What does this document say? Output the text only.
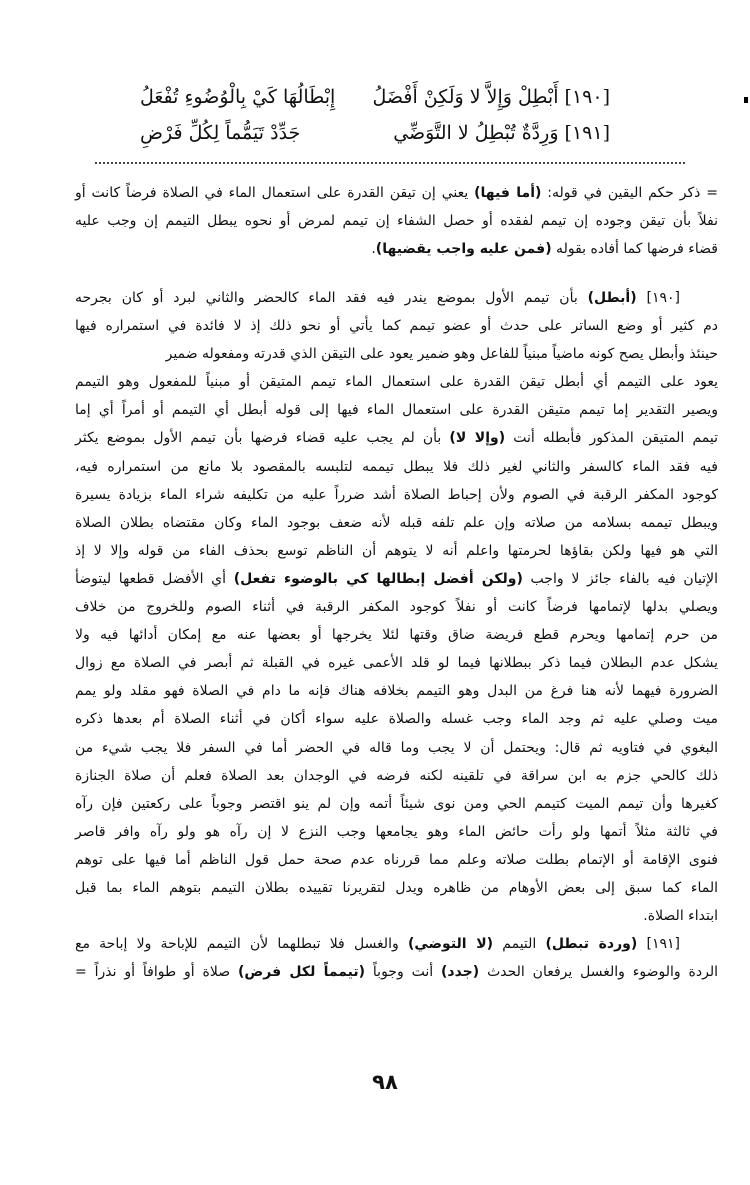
[١٩٠] أَبْطِلْ وَإِلاَّ لا وَلَكِنْ أَفْضَلُ
إِبْطَالُهَا كَيْ بِالْوُضُوءِ تُفْعَلُ
[١٩١] وَرِدَّةٌ تُبْطِلُ لا التَّوَضِّي
جَدِّدْ تَيَمُّماً لِكُلِّ فَرْضِ
= ذكر حكم اليقين في قوله: (أما فيها) يعني إن تيقن القدرة على استعمال الماء في الصلاة فرضاً كانت أو
نفلاً بأن تيقن وجوده إن تيمم لفقده أو حصل الشفاء إن تيمم لمرض أو نحوه يبطل التيمم إن وجب عليه
قضاء فرضها كما أفاده بقوله (فمن عليه واجب يقضيها).
[١٩٠] (أبطل) بأن تيمم الأول بموضع يندر فيه فقد الماء كالحضر والثاني لبرد أو كان بجرحه
دم كثير أو وضع الساتر على حدث أو عضو تيمم كما يأتي أو نحو ذلك إذ لا فائدة في استمراره فيها
حينئذ وأبطل يصح كونه ماضياً مبنياً للفاعل وهو ضمير يعود على التيقن الذي قدرته ومفعوله ضمير
يعود على التيمم أي أبطل تيقن القدرة على استعمال الماء تيمم المتيقن أو مبنياً للمفعول وهو التيمم
ويصير التقدير إما تيمم متيقن القدرة على استعمال الماء فيها إلى قوله أبطل أي التيمم أو أمراً أي إما
تيمم المتيقن المذكور فأبطله أنت (وإلا لا) بأن لم يجب عليه قضاء فرضها بأن تيمم الأول بموضع يكثر
فيه فقد الماء كالسفر والثاني لغير ذلك فلا يبطل تيممه لتلبسه بالمقصود بلا مانع من استمراره فيه،
كوجود المكفر الرقبة في الصوم ولأن إحباط الصلاة أشد ضرراً عليه من تكليفه شراء الماء بزيادة يسيرة
ويبطل تيممه بسلامه من صلاته وإن علم تلفه قبله لأنه ضعف بوجود الماء وكان مقتضاه بطلان الصلاة
التي هو فيها ولكن بقاؤها لحرمتها واعلم أنه لا يتوهم أن الناظم توسع بحذف الفاء من قوله وإلا لا إذ
الإتيان فيه بالفاء جائز لا واجب (ولكن أفضل إبطالها كي بالوضوء تفعل) أي الأفضل قطعها ليتوضأ
ويصلي بدلها لإتمامها فرضاً كانت أو نفلاً كوجود المكفر الرقبة في أثناء الصوم وللخروج من خلاف
من حرم إتمامها ويحرم قطع فريضة ضاق وقتها لئلا يخرجها أو بعضها عنه مع إمكان أدائها فيه ولا
يشكل عدم البطلان فيما ذكر ببطلانها فيما لو قلد الأعمى غيره في القبلة ثم أبصر في الصلاة مع زوال
الضرورة فيهما لأنه هنا فرغ من البدل وهو التيمم بخلافه هناك فإنه ما دام في الصلاة فهو مقلد ولو يمم
ميت وصلي عليه ثم وجد الماء وجب غسله والصلاة عليه سواء أكان في أثناء الصلاة أم بعدها ذكره
البغوي في فتاويه ثم قال: ويحتمل أن لا يجب وما قاله في الحضر أما في السفر فلا يجب شيء من
ذلك كالحي جزم به ابن سراقة في تلقينه لكنه فرضه في الوجدان بعد الصلاة فعلم أن صلاة الجنازة
كغيرها وأن تيمم الميت كتيمم الحي ومن نوى شيئاً أتمه وإن لم ينو اقتصر وجوباً على ركعتين فإن رآه
في ثالثة مثلاً أتمها ولو رأت حائض الماء وهو يجامعها وجب النزع لا إن رآه هو ولو رآه وافر قاصر
فنوى الإقامة أو الإتمام بطلت صلاته وعلم مما قررناه عدم صحة حمل قول الناظم أما فيها على توهم
الماء كما سبق إلى بعض الأوهام من ظاهره ويدل لتقريرنا تقييده بطلان التيمم بتوهم الماء بما قبل
ابتداء الصلاة.
[١٩١] (وردة تبطل) التيمم (لا التوضي) والغسل فلا تبطلهما لأن التيمم للإباحة ولا إباحة مع
الردة والوضوء والغسل يرفعان الحدث (جدد) أنت وجوباً (تيمماً لكل فرض) صلاة أو طوافاً أو نذراً =
٩٨
